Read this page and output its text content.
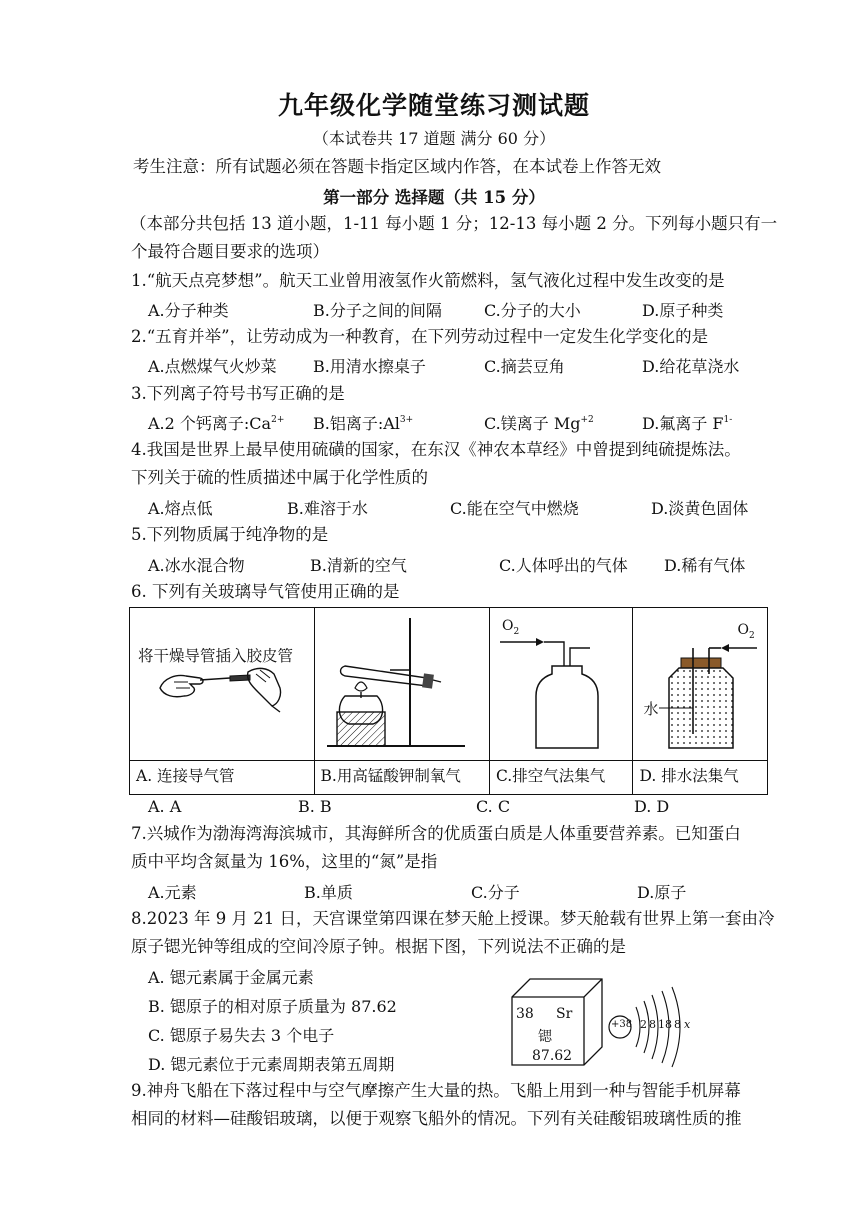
九年级化学随堂练习测试题
（本试卷共 17 道题 满分 60 分）
考生注意：所有试题必须在答题卡指定区域内作答，在本试卷上作答无效
第一部分 选择题（共 15 分）
（本部分共包括 13 道小题，1-11 每小题 1 分；12-13 每小题 2 分。下列每小题只有一
个最符合题目要求的选项）
1.“航天点亮梦想”。航天工业曾用液氢作火箭燃料，氢气液化过程中发生改变的是
A.分子种类	B.分子之间的间隔	C.分子的大小	D.原子种类
2.“五育并举”，让劳动成为一种教育，在下列劳动过程中一定发生化学变化的是
A.点燃煤气火炒菜 B.用清水擦桌子	C.摘芸豆角	D.给花草浇水
3.下列离子符号书写正确的是
A.2 个钙离子$:Ca^{2+}$ B.铝离子$:Al^{3+}$	C.镁离子 $Mg^{+2}$	D.氟离子 $F^{1-}$
4.我国是世界上最早使用硫磺的国家，在东汉《神农本草经》中曾提到纯硫提炼法。
下列关于硫的性质描述中属于化学性质的
A.熔点低	B.难溶于水	C.能在空气中燃烧	D.淡黄色固体
5.下列物质属于纯净物的是
A.冰水混合物	B.清新的空气	C.人体呼出的气体 D.稀有气体
6. 下列有关玻璃导气管使用正确的是
将干燥导管插入胶皮管		$O_2$	$O_2$
水

A. 连接导气管	B.用高锰酸钾制氧气	C.排空气法集气	D. 排水法集气
A. A	B. B	C. C	D. D
7.兴城作为渤海湾海滨城市，其海鲜所含的优质蛋白质是人体重要营养素。已知蛋白
质中平均含氮量为 16%，这里的“氮”是指
A.元素	B.单质	C.分子	D.原子
8.2023 年 9 月 21 日，天宫课堂第四课在梦天舱上授课。梦天舱载有世界上第一套由冷
原子锶光钟等组成的空间冷原子钟。根据下图，下列说法不正确的是
A. 锶元素属于金属元素
B. 锶原子的相对原子质量为 87.62
C. 锶原子易失去 3 个电子
D. 锶元素位于元素周期表第五周期
38 Sr
锶
87.62
+38 2 8 18 8 x
9.神舟飞船在下落过程中与空气摩擦产生大量的热。飞船上用到一种与智能手机屏幕
相同的材料—硅酸铝玻璃，以便于观察飞船外的情况。下列有关硅酸铝玻璃性质的推
